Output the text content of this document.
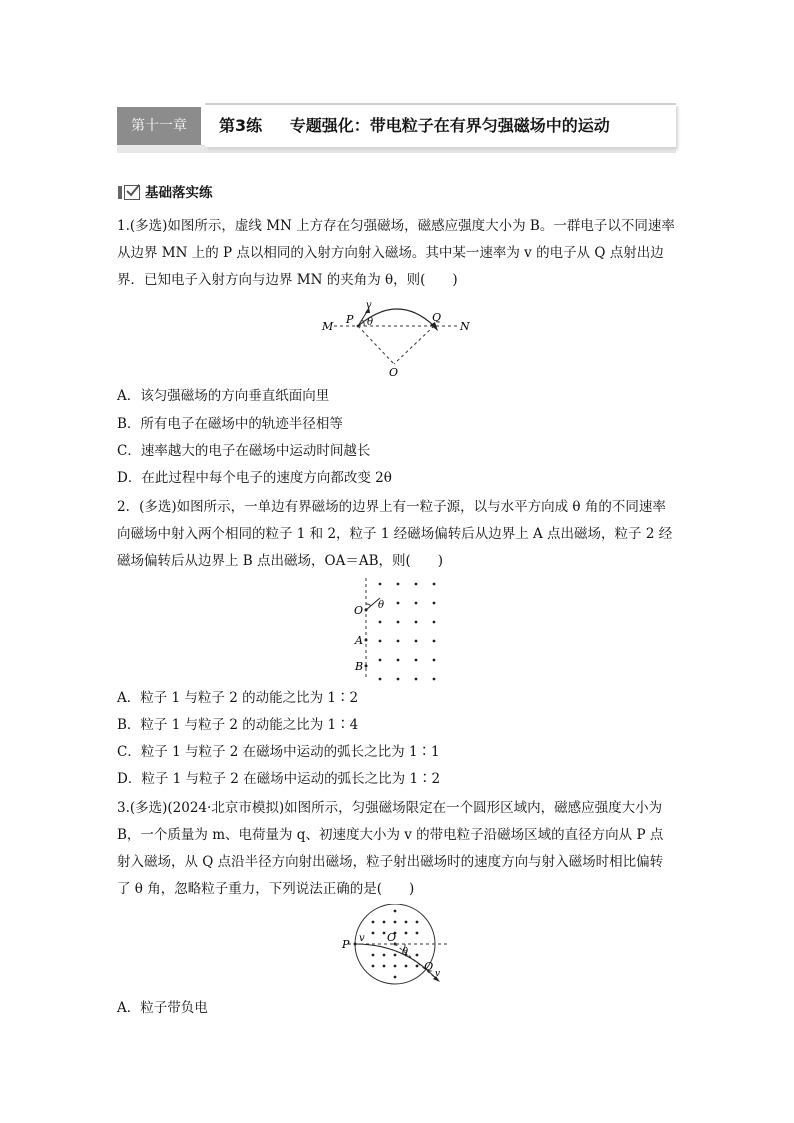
第十一章	第3练 专题强化：带电粒子在有界匀强磁场中的运动
基础落实练
1.(多选)如图所示，虚线 MN 上方存在匀强磁场，磁感应强度大小为 B。一群电子以不同速率
从边界 MN 上的 P 点以相同的入射方向射入磁场。其中某一速率为 v 的电子从 Q 点射出边
界．已知电子入射方向与边界 MN 的夹角为 θ，则(　　)
M
P
v
θ	Q
N
O
A．该匀强磁场的方向垂直纸面向里
B．所有电子在磁场中的轨迹半径相等
C．速率越大的电子在磁场中运动时间越长
D．在此过程中每个电子的速度方向都改变 2θ
2．(多选)如图所示，一单边有界磁场的边界上有一粒子源，以与水平方向成 θ 角的不同速率
向磁场中射入两个相同的粒子 1 和 2，粒子 1 经磁场偏转后从边界上 A 点出磁场，粒子 2 经
磁场偏转后从边界上 B 点出磁场，OA＝AB，则(　　)
O
A
B
θ
A．粒子 1 与粒子 2 的动能之比为 1∶2
B．粒子 1 与粒子 2 的动能之比为 1∶4
C．粒子 1 与粒子 2 在磁场中运动的弧长之比为 1∶1
D．粒子 1 与粒子 2 在磁场中运动的弧长之比为 1∶2
3.(多选)(2024·北京市模拟)如图所示，匀强磁场限定在一个圆形区域内，磁感应强度大小为
B，一个质量为 m、电荷量为 q、初速度大小为 v 的带电粒子沿磁场区域的直径方向从 P 点
射入磁场，从 Q 点沿半径方向射出磁场，粒子射出磁场时的速度方向与射入磁场时相比偏转
了 θ 角，忽略粒子重力，下列说法正确的是(　　)
P v O
θ
Q
v
A．粒子带负电
